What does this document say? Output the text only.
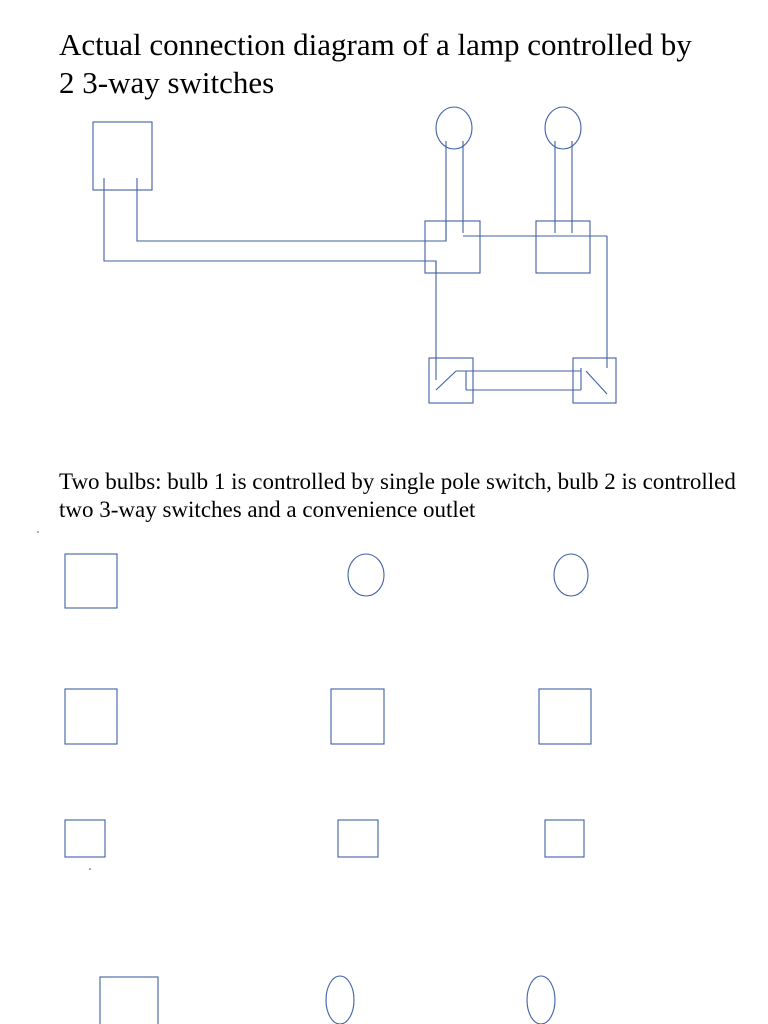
Actual connection diagram of a lamp controlled by 2 3-way switches

Two bulbs: bulb 1 is controlled by single pole switch, bulb 2 is controlled two 3-way switches and a convenience outlet
